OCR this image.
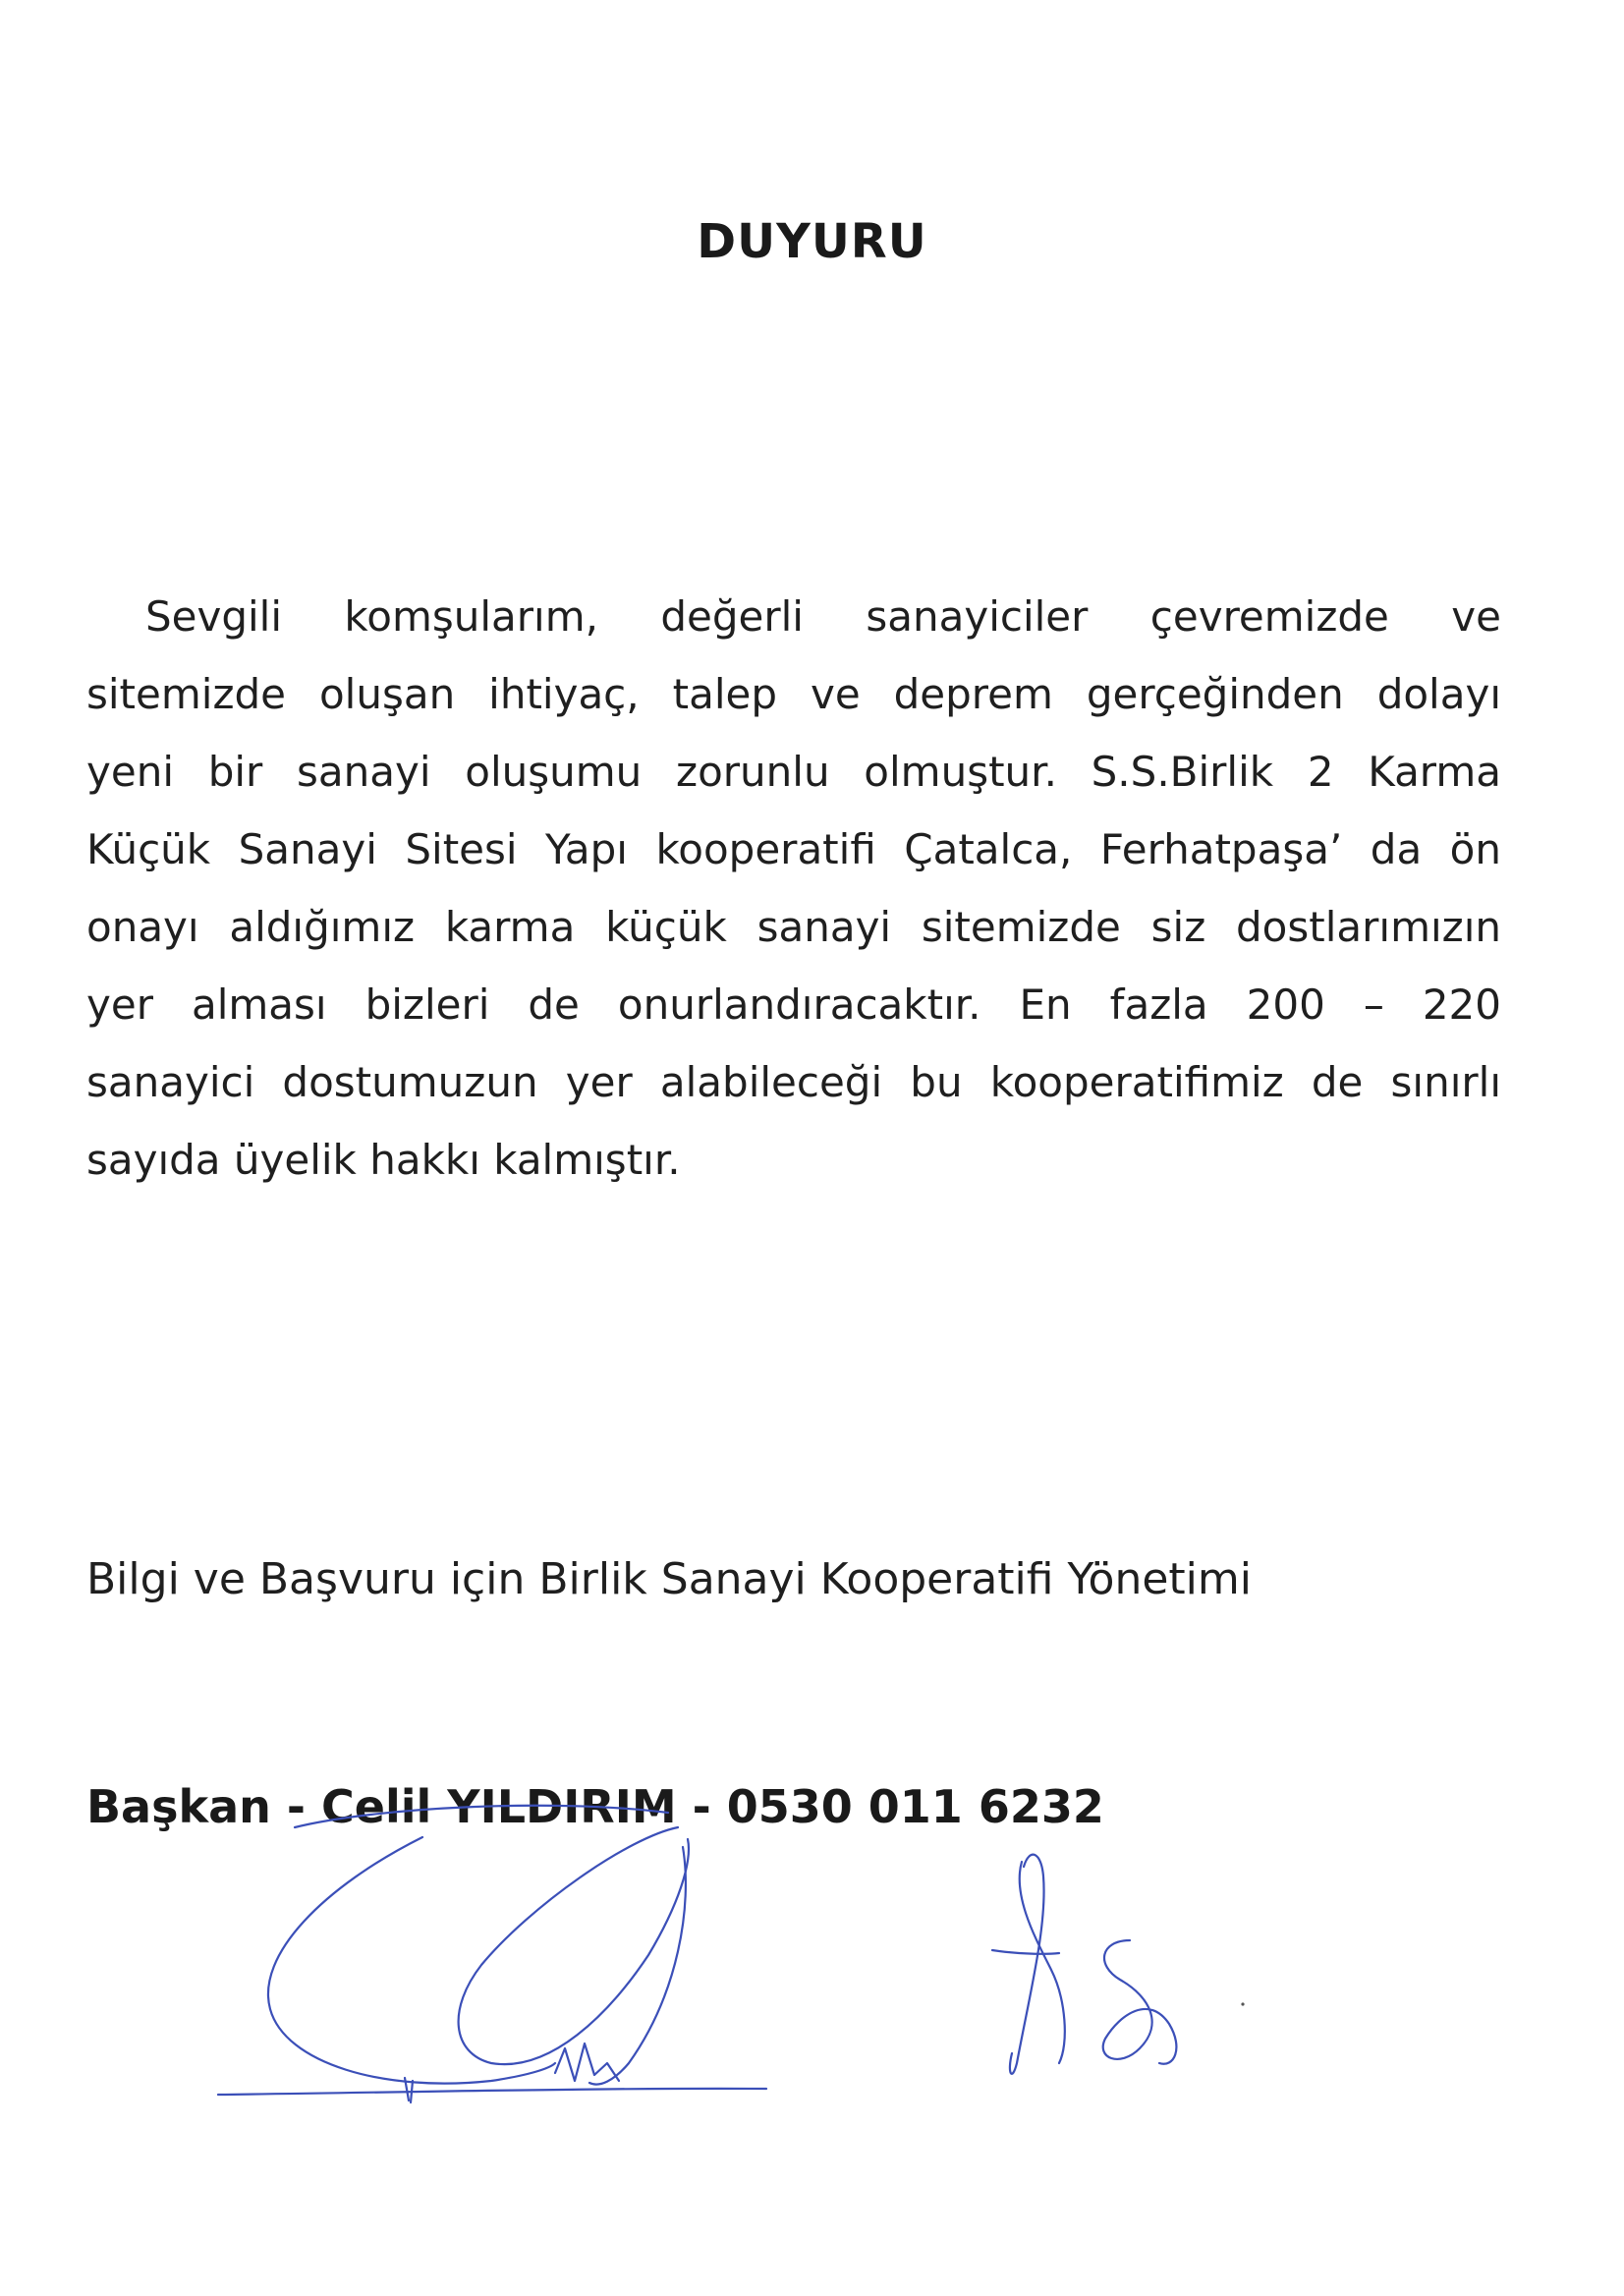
DUYURU
Sevgili komşularım, değerli sanayiciler çevremizde ve
sitemizde oluşan ihtiyaç, talep ve deprem gerçeğinden dolayı
yeni bir sanayi oluşumu zorunlu olmuştur. S.S.Birlik 2 Karma
Küçük Sanayi Sitesi Yapı kooperatifi Çatalca, Ferhatpaşa’ da ön
onayı aldığımız karma küçük sanayi sitemizde siz dostlarımızın
yer alması bizleri de onurlandıracaktır. En fazla 200 – 220
sanayici dostumuzun yer alabileceği bu kooperatifimiz de sınırlı
sayıda üyelik hakkı kalmıştır.
Bilgi ve Başvuru için Birlik Sanayi Kooperatifi Yönetimi
Başkan - Celil YILDIRIM - 0530 011 6232
